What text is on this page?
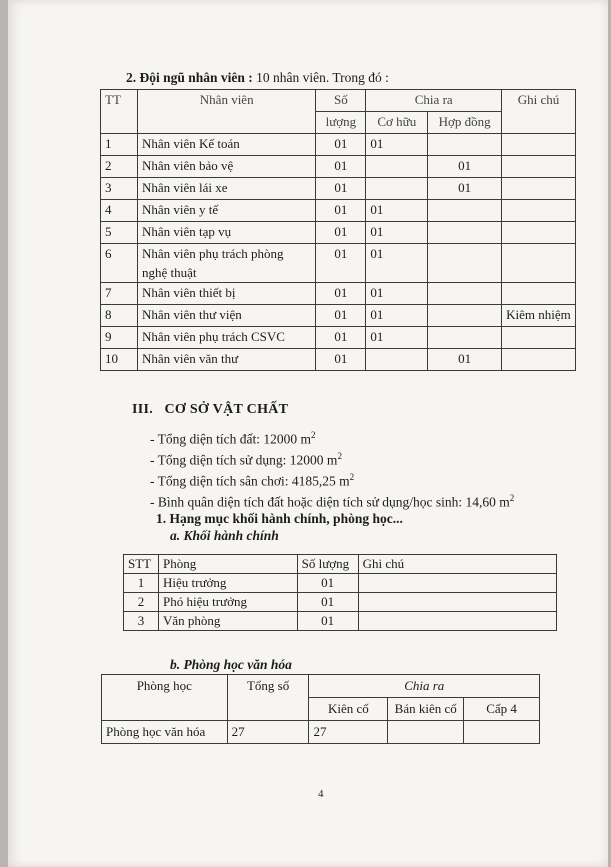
2. Đội ngũ nhân viên : 10 nhân viên. Trong đó :
TT	Nhân viên	Số	Chia ra		Ghi chú
		lượng	Cơ hữu	Hợp đồng	
1	Nhân viên Kế toán	01	01		
2	Nhân viên bảo vệ	01		01	
3	Nhân viên lái xe	01		01	
4	Nhân viên y tế	01	01		
5	Nhân viên tạp vụ	01	01		
6	Nhân viên phụ trách phòng nghệ thuật	01	01		
7	Nhân viên thiết bị	01	01		
8	Nhân viên thư viện	01	01		Kiêm nhiệm
9	Nhân viên phụ trách CSVC	01	01		
10	Nhân viên văn thư	01		01	
III.   CƠ SỞ VẬT CHẤT
- Tổng diện tích đất: 12000 $m^2$
- Tổng diện tích sử dụng: 12000 $m^2$
- Tổng diện tích sân chơi: 4185,25 $m^2$
- Bình quân diện tích đất hoặc diện tích sử dụng/học sinh: 14,60 $m^2$
1. Hạng mục khối hành chính, phòng học...
a. Khối hành chính
STT	Phòng	Số lượng	Ghi chú
1	Hiệu trưởng	01	
2	Phó hiệu trưởng	01	
3	Văn phòng	01	
b. Phòng học văn hóa
Phòng học	Tổng số	Chia ra		
		Kiên cố	Bán kiên cố	Cấp 4
Phòng học văn hóa	27	27		
4
